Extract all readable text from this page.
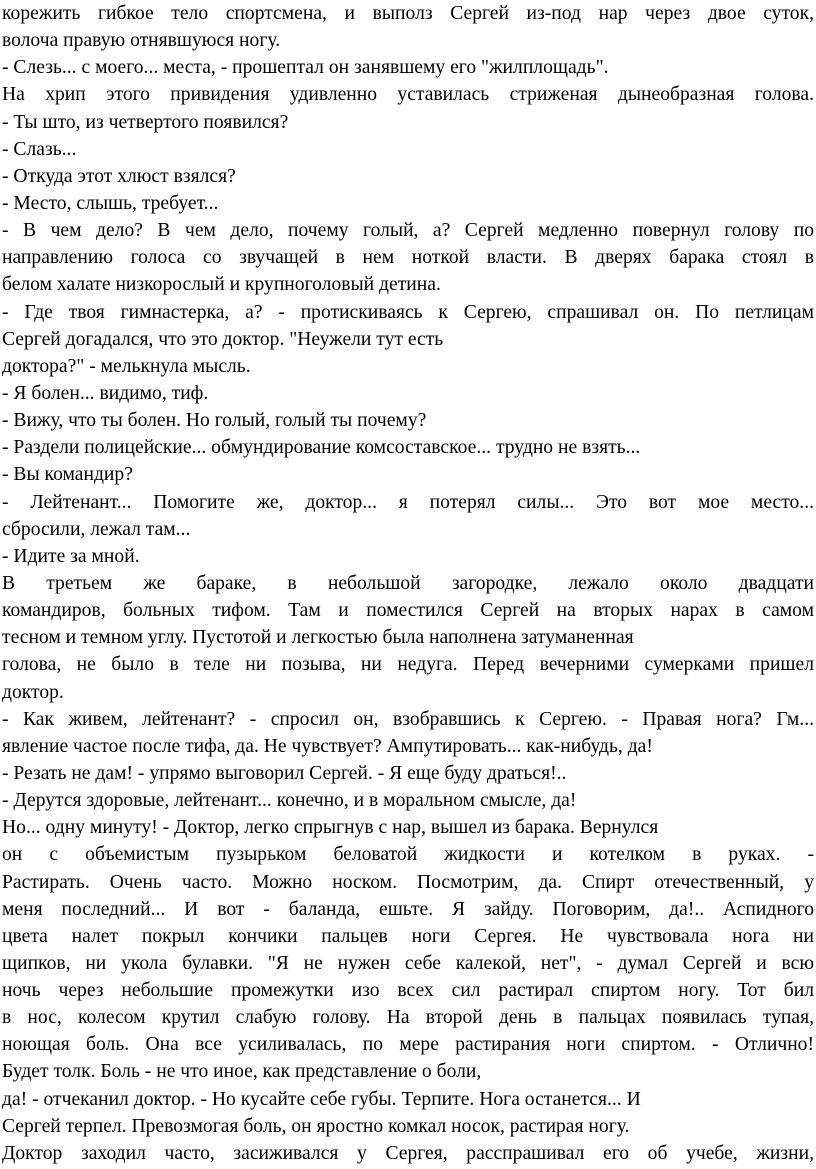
корежить гибкое тело спортсмена, и выполз Сергей из-под нар через двое суток,
волоча правую отнявшуюся ногу.
- Слезь... с моего... места, - прошептал он занявшему его "жилплощадь".
На хрип этого привидения удивленно уставилась стриженая дынеобразная голова.
- Ты што, из четвертого появился?
- Слазь...
- Откуда этот хлюст взялся?
- Место, слышь, требует...
- В чем дело? В чем дело, почему голый, а? Сергей медленно повернул голову по
направлению голоса со звучащей в нем ноткой власти. В дверях барака стоял в
белом халате низкорослый и крупноголовый детина.
- Где твоя гимнастерка, а? - протискиваясь к Сергею, спрашивал он. По петлицам
Сергей догадался, что это доктор. "Неужели тут есть
доктора?" - мелькнула мысль.
- Я болен... видимо, тиф.
- Вижу, что ты болен. Но голый, голый ты почему?
- Раздели полицейские... обмундирование комсоставское... трудно не взять...
- Вы командир?
- Лейтенант... Помогите же, доктор... я потерял силы... Это вот мое место...
сбросили, лежал там...
- Идите за мной.
В третьем же бараке, в небольшой загородке, лежало около двадцати
командиров, больных тифом. Там и поместился Сергей на вторых нарах в самом
тесном и темном углу. Пустотой и легкостью была наполнена затуманенная
голова, не было в теле ни позыва, ни недуга. Перед вечерними сумерками пришел
доктор.
- Как живем, лейтенант? - спросил он, взобравшись к Сергею. - Правая нога? Гм...
явление частое после тифа, да. Не чувствует? Ампутировать... как-нибудь, да!
- Резать не дам! - упрямо выговорил Сергей. - Я еще буду драться!..
- Дерутся здоровые, лейтенант... конечно, и в моральном смысле, да!
Но... одну минуту! - Доктор, легко спрыгнув с нар, вышел из барака. Вернулся
он с объемистым пузырьком беловатой жидкости и котелком в руках. -
Растирать. Очень часто. Можно носком. Посмотрим, да. Спирт отечественный, у
меня последний... И вот - баланда, ешьте. Я зайду. Поговорим, да!.. Аспидного
цвета налет покрыл кончики пальцев ноги Сергея. Не чувствовала нога ни
щипков, ни укола булавки. "Я не нужен себе калекой, нет", - думал Сергей и всю
ночь через небольшие промежутки изо всех сил растирал спиртом ногу. Тот бил
в нос, колесом крутил слабую голову. На второй день в пальцах появилась тупая,
ноющая боль. Она все усиливалась, по мере растирания ноги спиртом. - Отлично!
Будет толк. Боль - не что иное, как представление о боли,
да! - отчеканил доктор. - Но кусайте себе губы. Терпите. Нога останется... И
Сергей терпел. Превозмогая боль, он яростно комкал носок, растирая ногу.
Доктор заходил часто, засиживался у Сергея, расспрашивал его об учебе, жизни,
